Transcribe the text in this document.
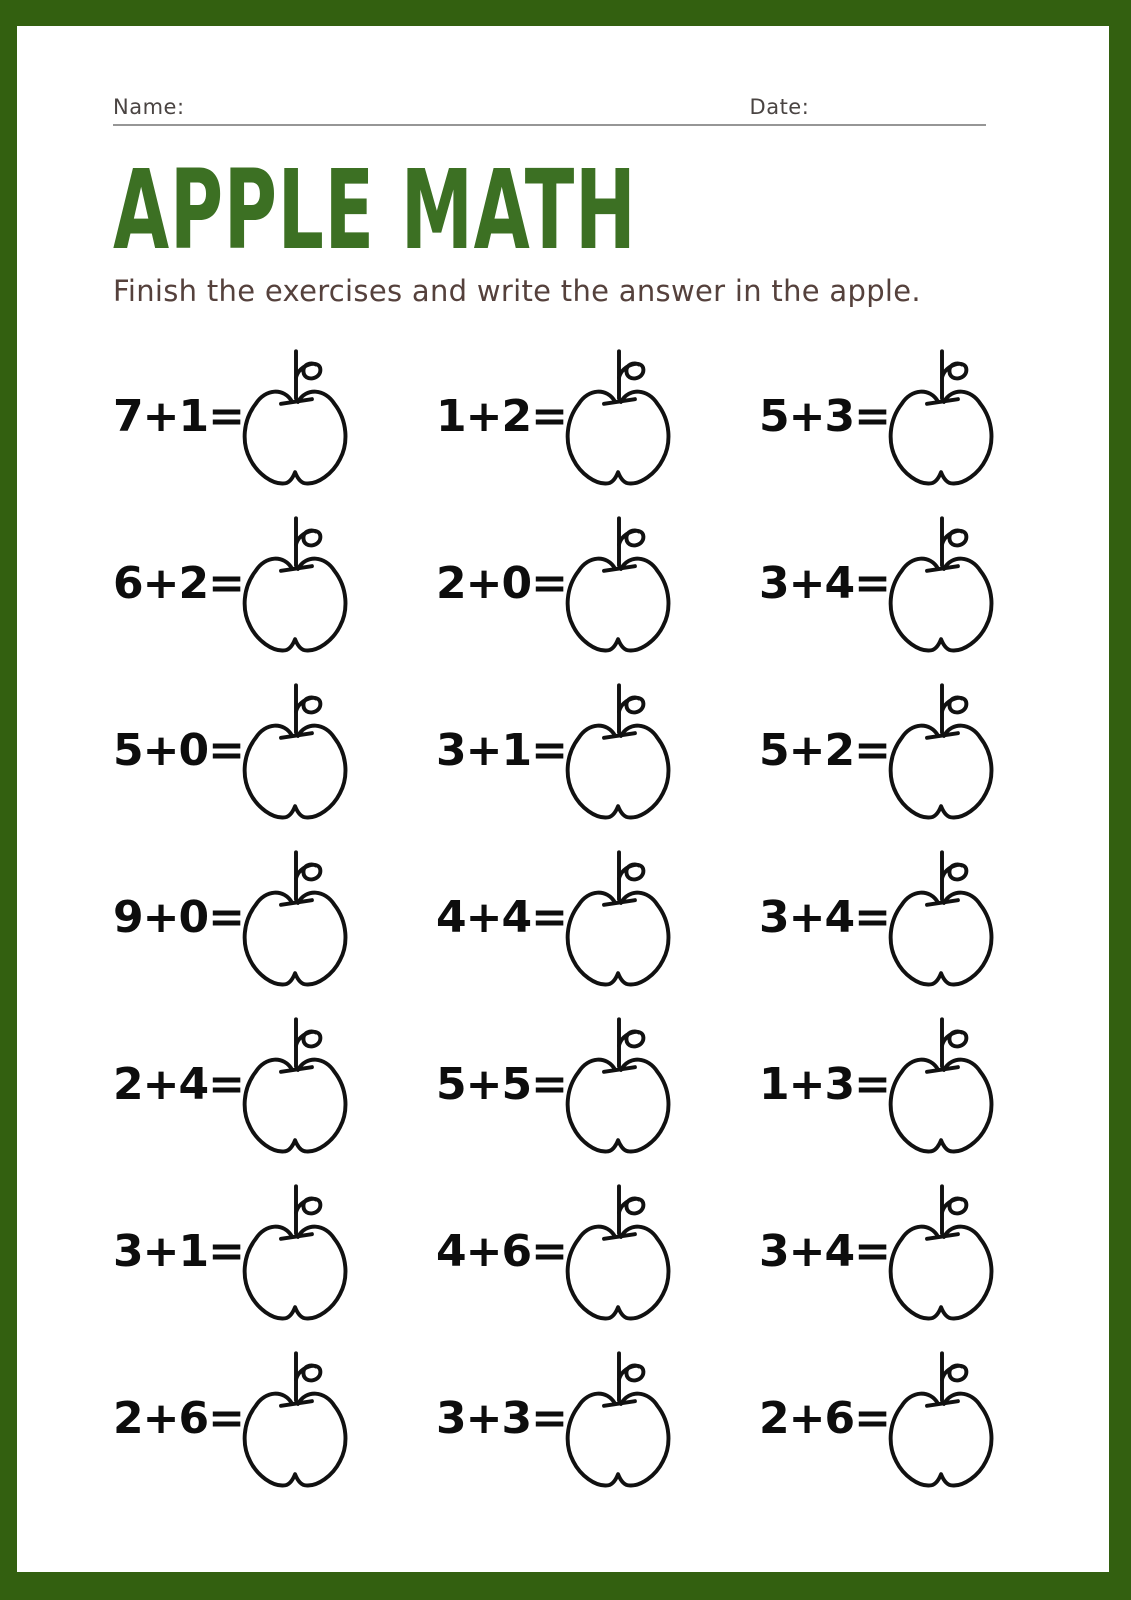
Name:	Date:
APPLE MATH
Finish the exercises and write the answer in the apple.
7+1=	1+2=	5+3=
6+2=	2+0=	3+4=
5+0=	3+1=	5+2=
9+0=	4+4=	3+4=
2+4=	5+5=	1+3=
3+1=	4+6=	3+4=
2+6=	3+3=	2+6=
